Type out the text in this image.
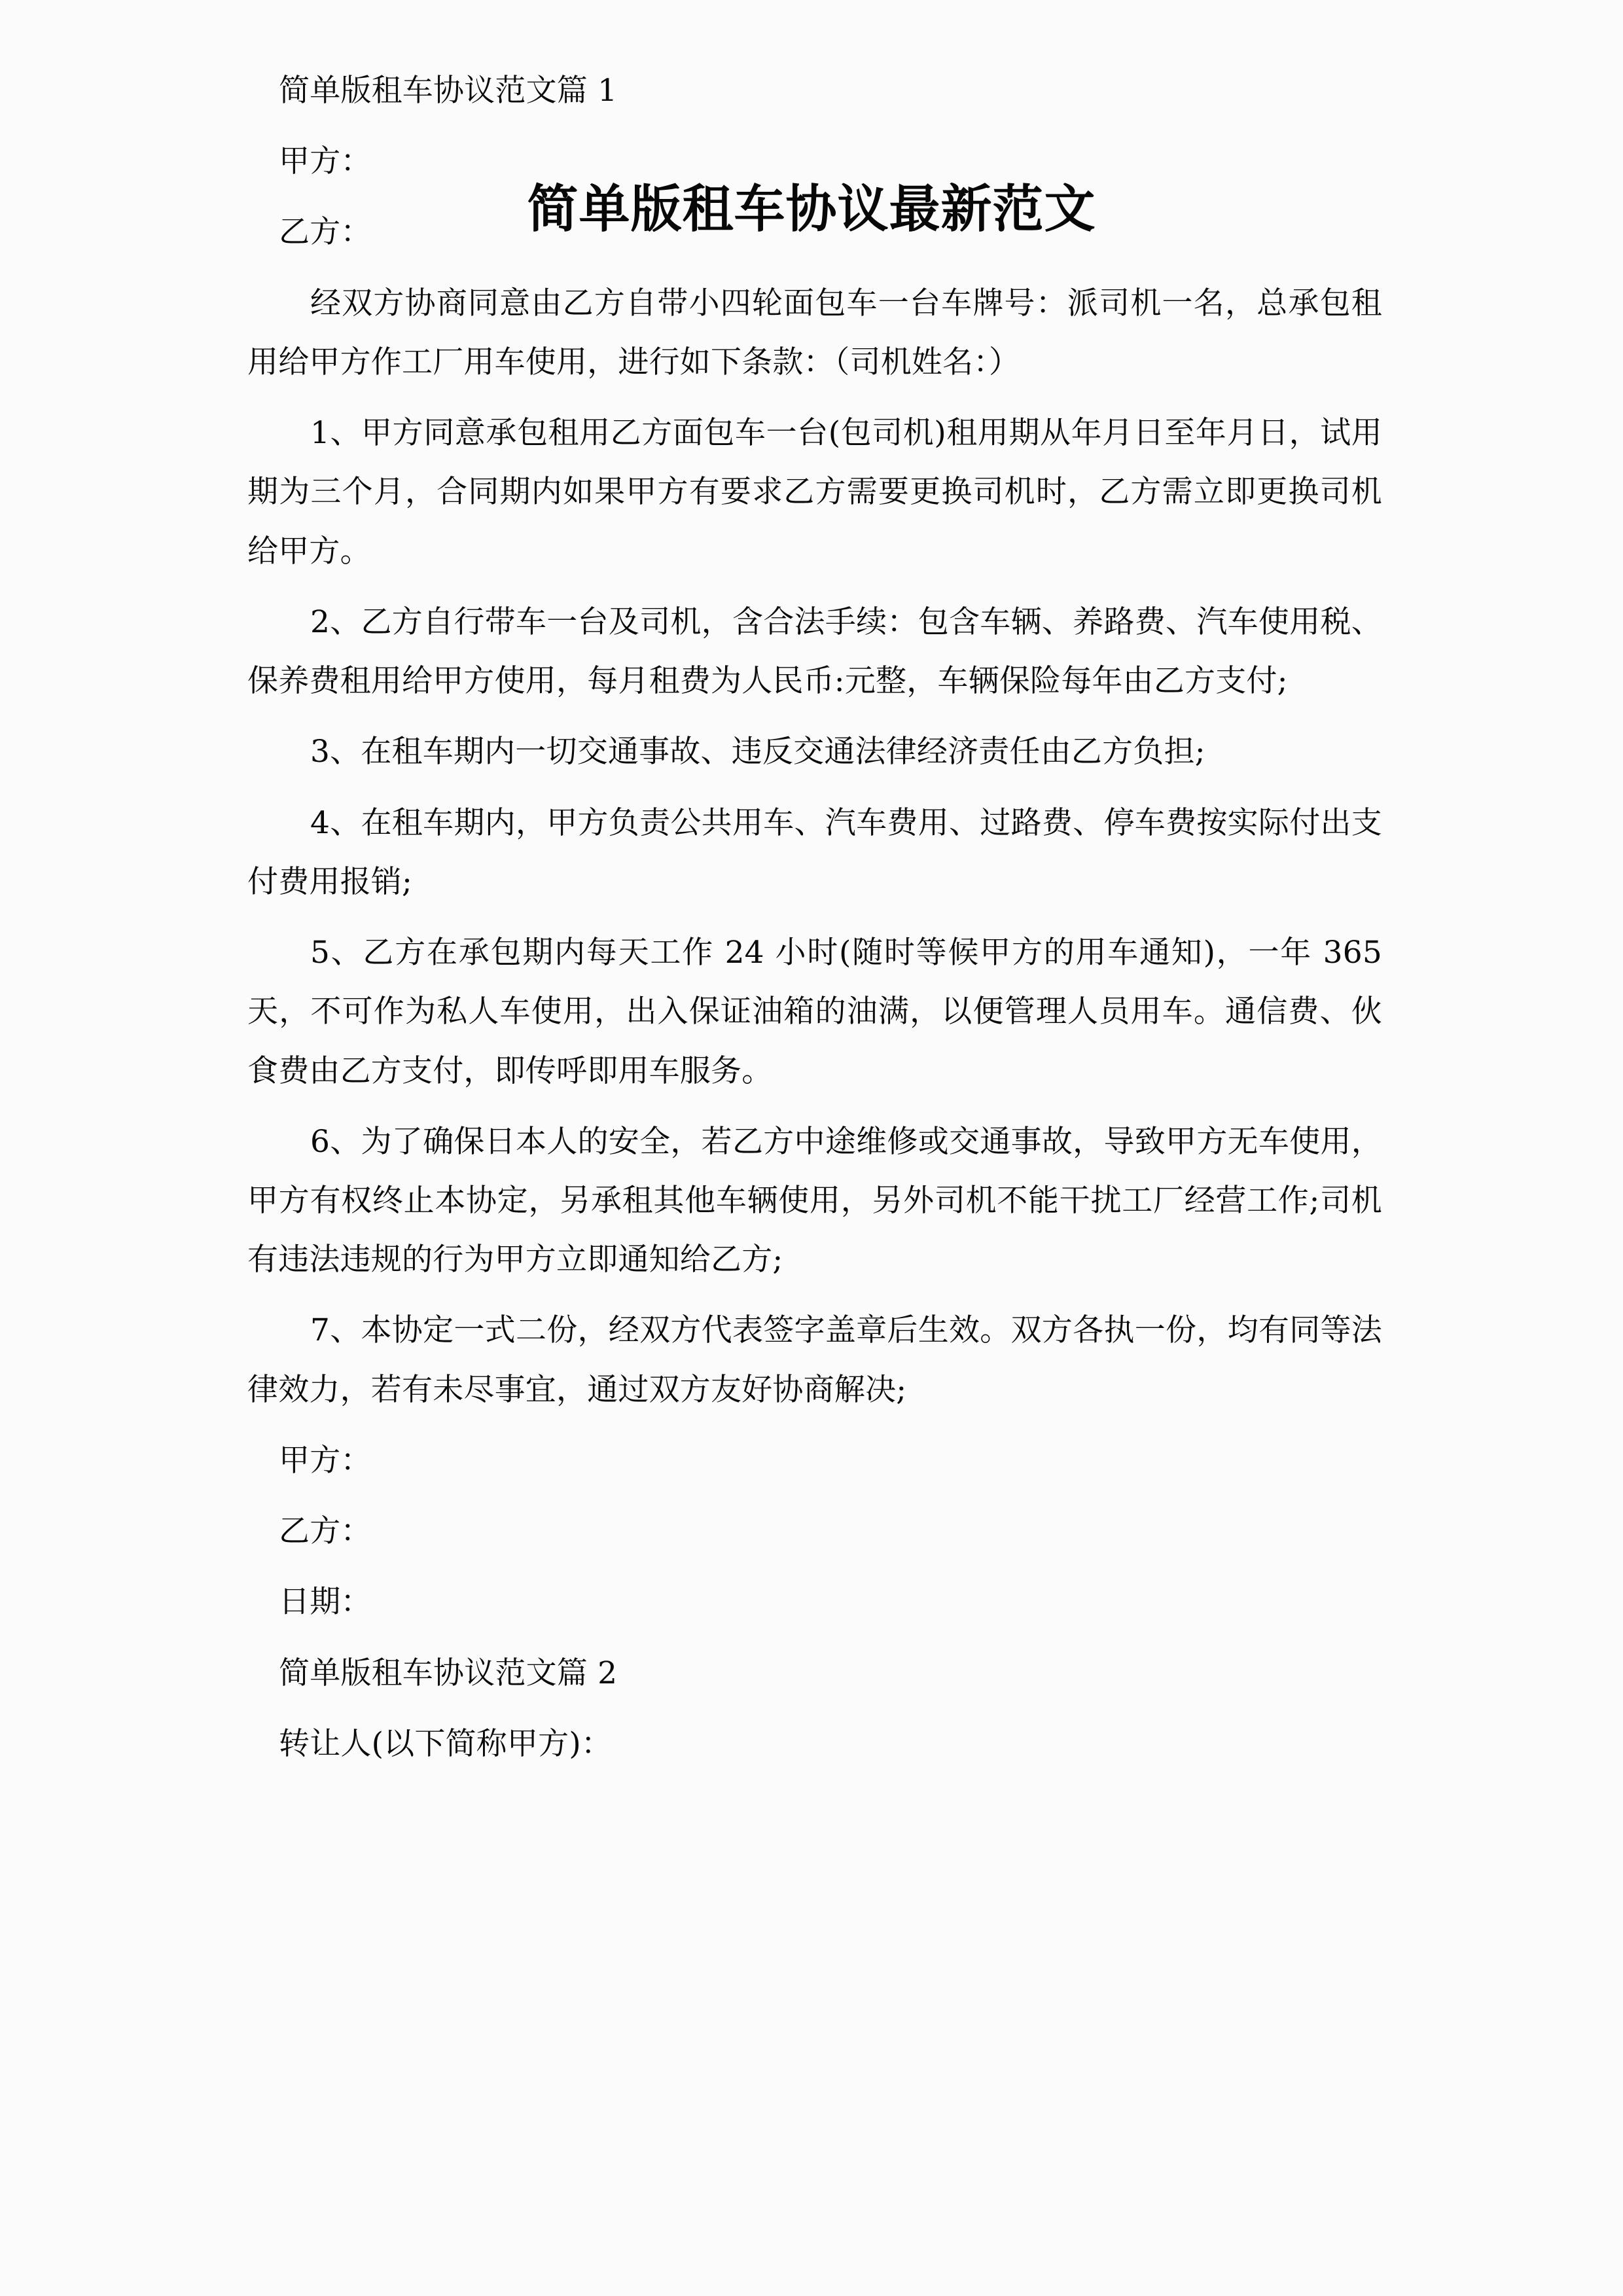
简单版租车协议最新范文

简单版租车协议范文篇 1

甲方：

乙方：

经双方协商同意由乙方自带小四轮面包车一台车牌号：派司机一名，总承包租用给甲方作工厂用车使用，进行如下条款：（司机姓名：）

1、甲方同意承包租用乙方面包车一台(包司机)租用期从年月日至年月日，试用期为三个月，合同期内如果甲方有要求乙方需要更换司机时，乙方需立即更换司机给甲方。

2、乙方自行带车一台及司机，含合法手续：包含车辆、养路费、汽车使用税、保养费租用给甲方使用，每月租费为人民币:元整，车辆保险每年由乙方支付;

3、在租车期内一切交通事故、违反交通法律经济责任由乙方负担;

4、在租车期内，甲方负责公共用车、汽车费用、过路费、停车费按实际付出支付费用报销;

5、乙方在承包期内每天工作 24 小时(随时等候甲方的用车通知)，一年 365 天，不可作为私人车使用，出入保证油箱的油满，以便管理人员用车。通信费、伙食费由乙方支付，即传呼即用车服务。

6、为了确保日本人的安全，若乙方中途维修或交通事故，导致甲方无车使用，甲方有权终止本协定，另承租其他车辆使用，另外司机不能干扰工厂经营工作;司机有违法违规的行为甲方立即通知给乙方;

7、本协定一式二份，经双方代表签字盖章后生效。双方各执一份，均有同等法律效力，若有未尽事宜，通过双方友好协商解决;

甲方：

乙方：

日期：

简单版租车协议范文篇 2

转让人(以下简称甲方)：
